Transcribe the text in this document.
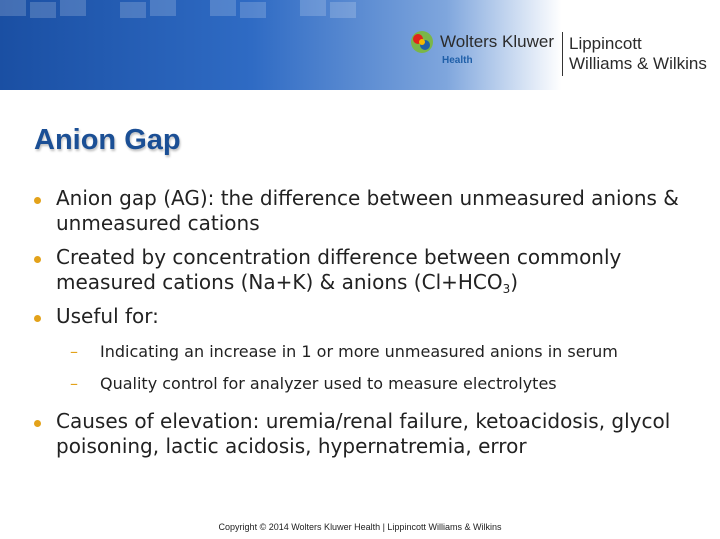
Wolters Kluwer
Health
Lippincott
Williams & Wilkins
Anion Gap
Anion gap (AG): the difference between unmeasured anions & unmeasured cations
Created by concentration difference between commonly measured cations (Na+K) & anions $(Cl+HCO_3)$
Useful for:
– Indicating an increase in 1 or more unmeasured anions in serum
– Quality control for analyzer used to measure electrolytes
Causes of elevation: uremia/renal failure, ketoacidosis, glycol poisoning, lactic acidosis, hypernatremia, error
Copyright © 2014 Wolters Kluwer Health | Lippincott Williams & Wilkins
